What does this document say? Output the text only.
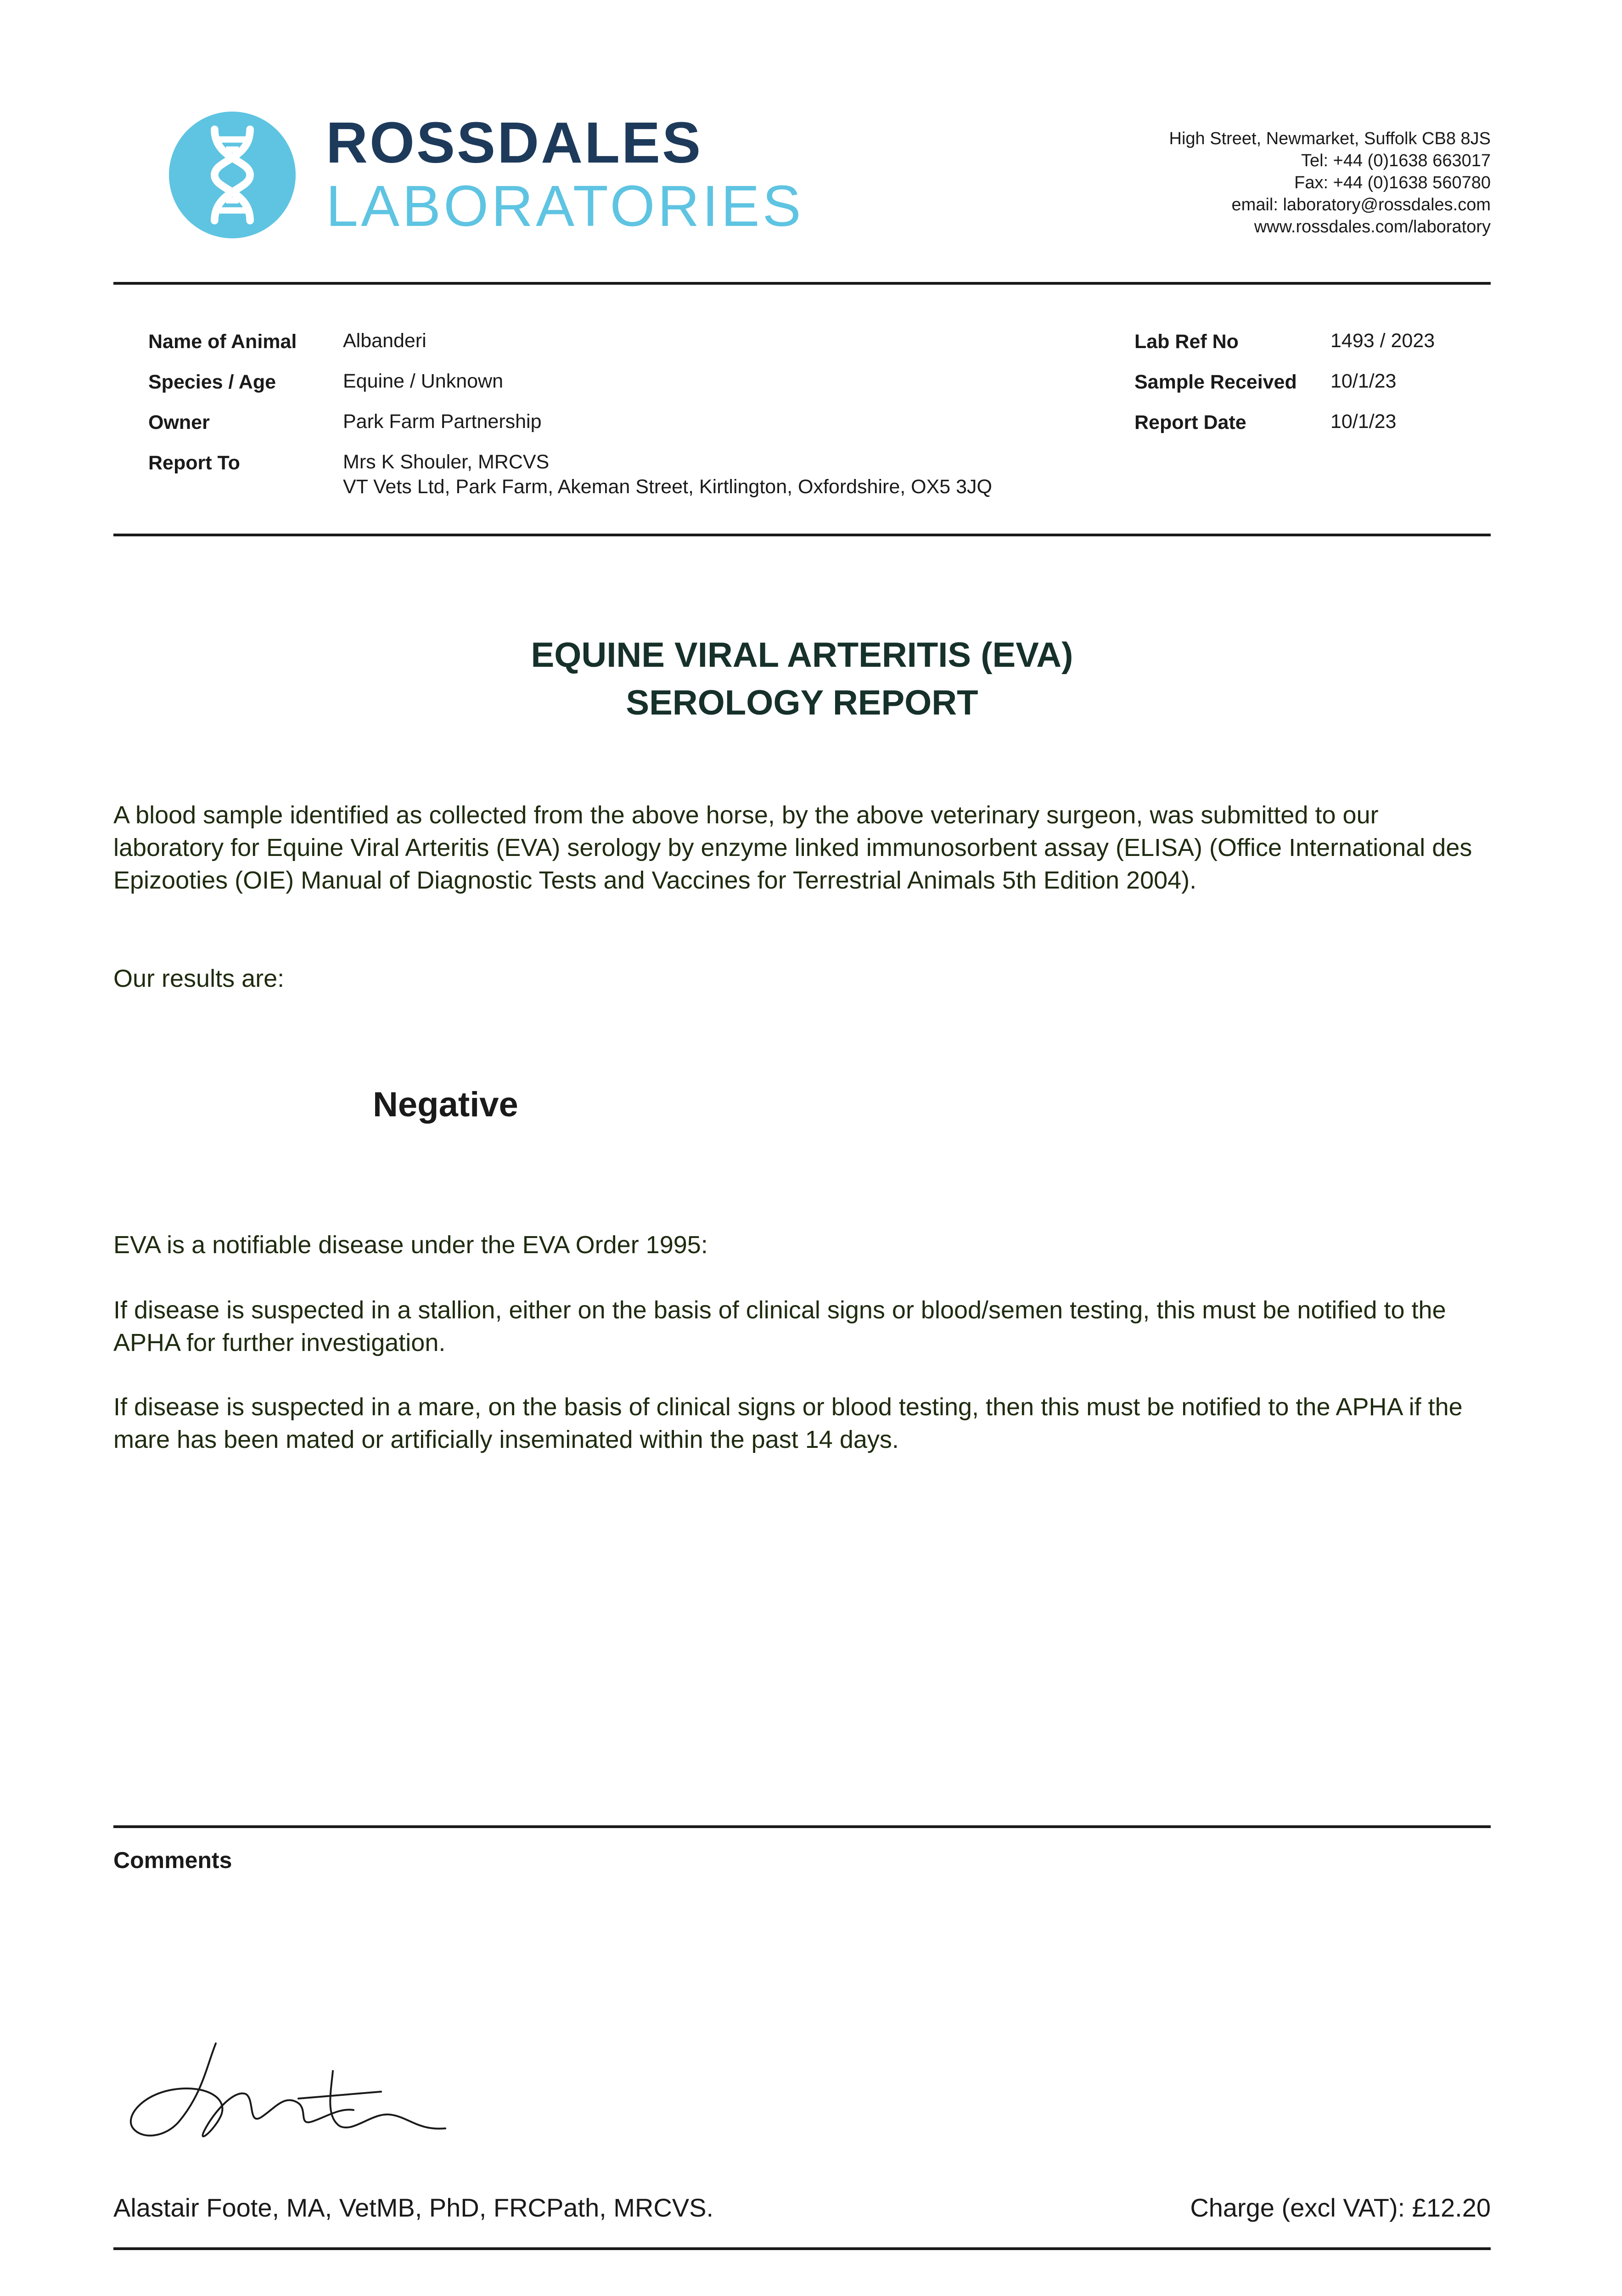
ROSSDALES
LABORATORIES
High Street, Newmarket, Suffolk CB8 8JS
Tel: +44 (0)1638 663017
Fax: +44 (0)1638 560780
email: laboratory@rossdales.com
www.rossdales.com/laboratory
Name of Animal Albanderi
Species / Age	Equine / Unknown
Owner	Park Farm Partnership
Report To	Mrs K Shouler, MRCVS
VT Vets Ltd, Park Farm, Akeman Street, Kirtlington, Oxfordshire, OX5 3JQ
Lab Ref No	1493 / 2023
Sample Received 10/1/23
Report Date	10/1/23
EQUINE VIRAL ARTERITIS (EVA)
SEROLOGY REPORT
A blood sample identified as collected from the above horse, by the above veterinary surgeon, was submitted to our laboratory for Equine Viral Arteritis (EVA) serology by enzyme linked immunosorbent assay (ELISA) (Office International des Epizooties (OIE) Manual of Diagnostic Tests and Vaccines for Terrestrial Animals 5th Edition 2004).
Our results are:
Negative
EVA is a notifiable disease under the EVA Order 1995:
If disease is suspected in a stallion, either on the basis of clinical signs or blood/semen testing, this must be notified to the APHA for further investigation.
If disease is suspected in a mare, on the basis of clinical signs or blood testing, then this must be notified to the APHA if the mare has been mated or artificially inseminated within the past 14 days.
Comments
Alastair Foote, MA, VetMB, PhD, FRCPath, MRCVS.	Charge (excl VAT): £12.20
